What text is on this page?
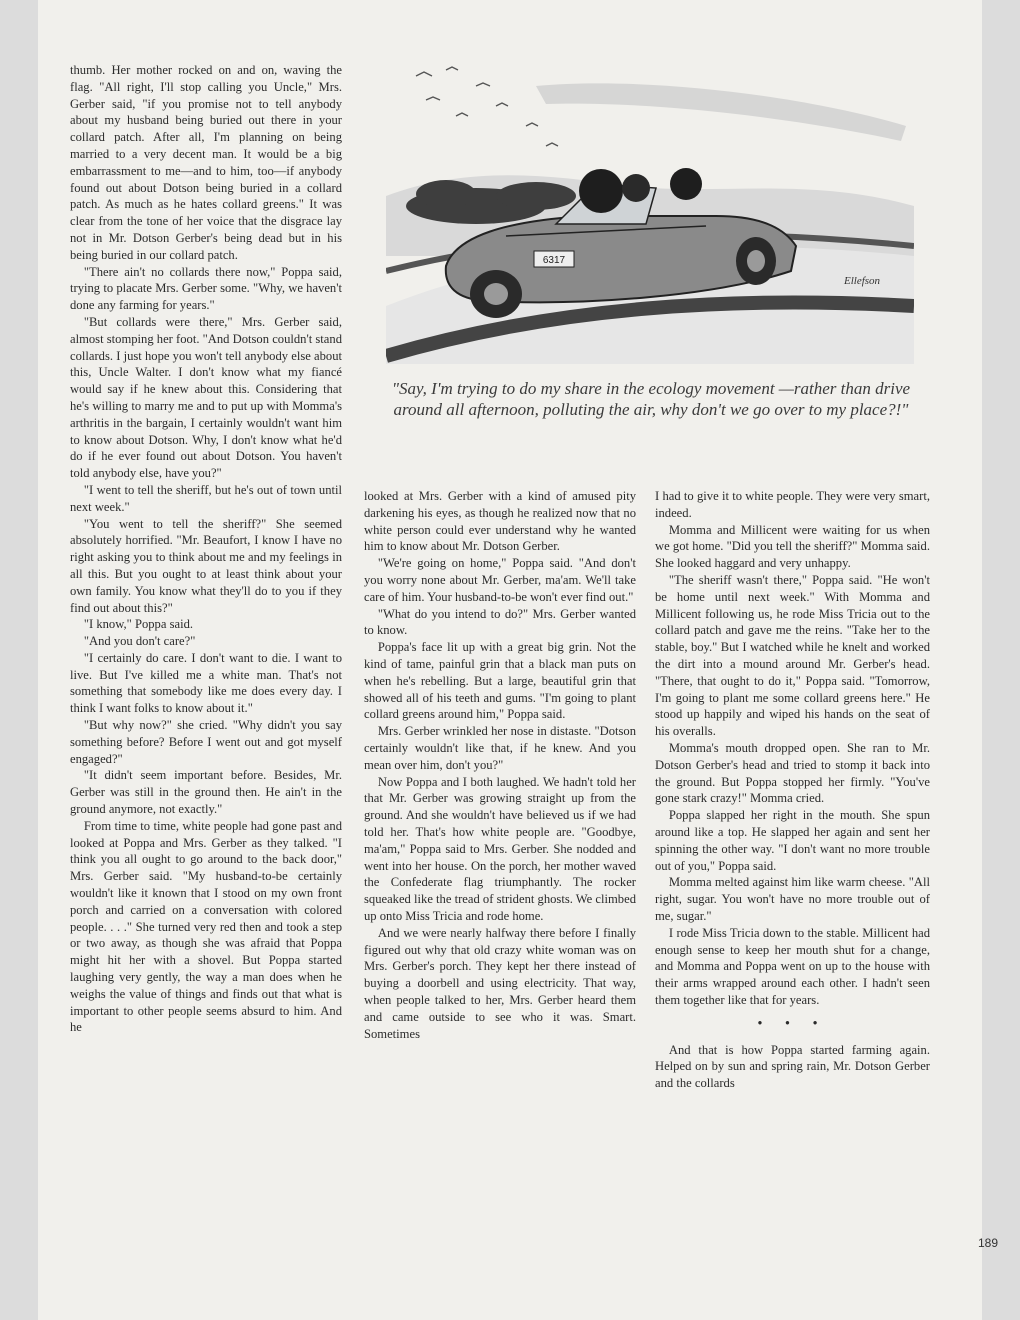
thumb. Her mother rocked on and on, waving the flag. "All right, I'll stop calling you Uncle," Mrs. Gerber said, "if you promise not to tell anybody about my husband being buried out there in your collard patch. After all, I'm planning on being married to a very decent man. It would be a big embarrassment to me—and to him, too—if anybody found out about Dotson being buried in a collard patch. As much as he hates collard greens." It was clear from the tone of her voice that the disgrace lay not in Mr. Dotson Gerber's being dead but in his being buried in our collard patch.

"There ain't no collards there now," Poppa said, trying to placate Mrs. Gerber some. "Why, we haven't done any farming for years."

"But collards were there," Mrs. Gerber said, almost stomping her foot. "And Dotson couldn't stand collards. I just hope you won't tell anybody else about this, Uncle Walter. I don't know what my fiancé would say if he knew about this. Considering that he's willing to marry me and to put up with Momma's arthritis in the bargain, I certainly wouldn't want him to know about Dotson. Why, I don't know what he'd do if he ever found out about Dotson. You haven't told anybody else, have you?"

"I went to tell the sheriff, but he's out of town until next week."

"You went to tell the sheriff?" She seemed absolutely horrified. "Mr. Beaufort, I know I have no right asking you to think about me and my feelings in all this. But you ought to at least think about your own family. You know what they'll do to you if they find out about this?"

"I know," Poppa said.

"And you don't care?"

"I certainly do care. I don't want to die. I want to live. But I've killed me a white man. That's not something that somebody like me does every day. I think I want folks to know about it."

"But why now?" she cried. "Why didn't you say something before? Before I went out and got myself engaged?"

"It didn't seem important before. Besides, Mr. Gerber was still in the ground then. He ain't in the ground anymore, not exactly."

From time to time, white people had gone past and looked at Poppa and Mrs. Gerber as they talked. "I think you all ought to go around to the back door," Mrs. Gerber said. "My husband-to-be certainly wouldn't like it known that I stood on my own front porch and carried on a conversation with colored people. . . ." She turned very red then and took a step or two away, as though she was afraid that Poppa might hit her with a shovel. But Poppa started laughing very gently, the way a man does when he weighs the value of things and finds out that what is important to other people seems absurd to him. And he

6317
Ellefson
"Say, I'm trying to do my share in the ecology movement —rather than drive around all afternoon, polluting the air, why don't we go over to my place?!"

looked at Mrs. Gerber with a kind of amused pity darkening his eyes, as though he realized now that no white person could ever understand why he wanted him to know about Mr. Dotson Gerber.

"We're going on home," Poppa said. "And don't you worry none about Mr. Gerber, ma'am. We'll take care of him. Your husband-to-be won't ever find out."

"What do you intend to do?" Mrs. Gerber wanted to know.

Poppa's face lit up with a great big grin. Not the kind of tame, painful grin that a black man puts on when he's rebelling. But a large, beautiful grin that showed all of his teeth and gums. "I'm going to plant collard greens around him," Poppa said.

Mrs. Gerber wrinkled her nose in distaste. "Dotson certainly wouldn't like that, if he knew. And you mean over him, don't you?"

Now Poppa and I both laughed. We hadn't told her that Mr. Gerber was growing straight up from the ground. And she wouldn't have believed us if we had told her. That's how white people are. "Goodbye, ma'am," Poppa said to Mrs. Gerber. She nodded and went into her house. On the porch, her mother waved the Confederate flag triumphantly. The rocker squeaked like the tread of strident ghosts. We climbed up onto Miss Tricia and rode home.

And we were nearly halfway there before I finally figured out why that old crazy white woman was on Mrs. Gerber's porch. They kept her there instead of buying a doorbell and using electricity. That way, when people talked to her, Mrs. Gerber heard them and came outside to see who it was. Smart. Sometimes

I had to give it to white people. They were very smart, indeed.

Momma and Millicent were waiting for us when we got home. "Did you tell the sheriff?" Momma said. She looked haggard and very unhappy.

"The sheriff wasn't there," Poppa said. "He won't be home until next week." With Momma and Millicent following us, he rode Miss Tricia out to the collard patch and gave me the reins. "Take her to the stable, boy." But I watched while he knelt and worked the dirt into a mound around Mr. Gerber's head. "There, that ought to do it," Poppa said. "Tomorrow, I'm going to plant me some collard greens here." He stood up happily and wiped his hands on the seat of his overalls.

Momma's mouth dropped open. She ran to Mr. Dotson Gerber's head and tried to stomp it back into the ground. But Poppa stopped her firmly. "You've gone stark crazy!" Momma cried.

Poppa slapped her right in the mouth. She spun around like a top. He slapped her again and sent her spinning the other way. "I don't want no more trouble out of you," Poppa said.

Momma melted against him like warm cheese. "All right, sugar. You won't have no more trouble out of me, sugar."

I rode Miss Tricia down to the stable. Millicent had enough sense to keep her mouth shut for a change, and Momma and Poppa went on up to the house with their arms wrapped around each other. I hadn't seen them together like that for years.

• • •

And that is how Poppa started farming again. Helped on by sun and spring rain, Mr. Dotson Gerber and the collards

189
